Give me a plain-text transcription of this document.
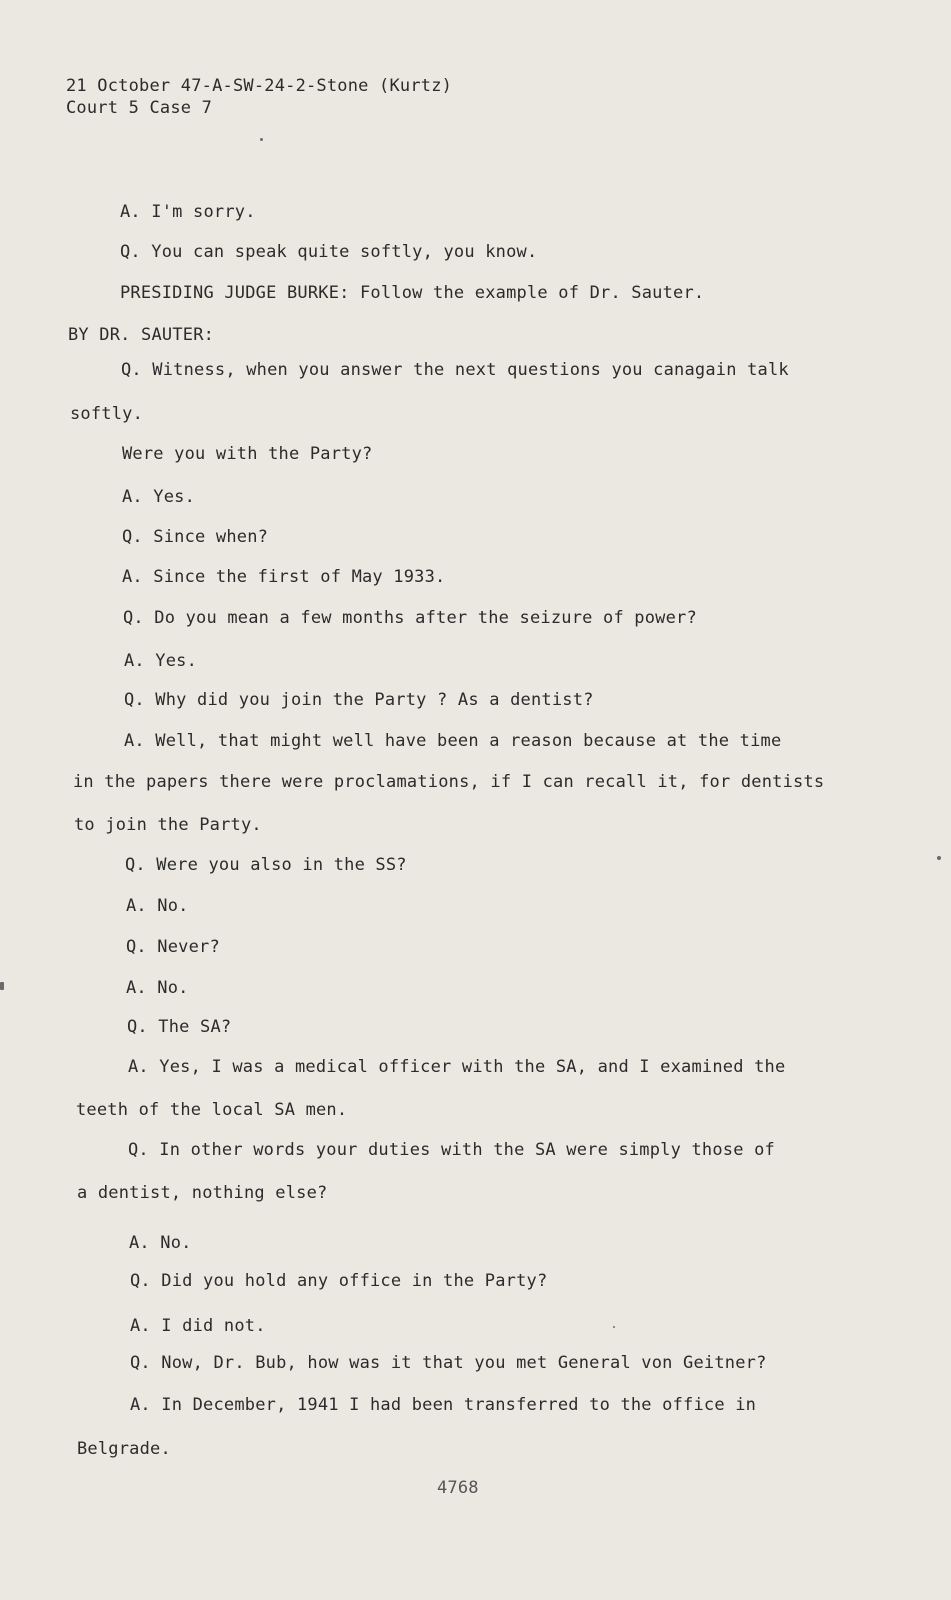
21 October 47-A-SW-24-2-Stone (Kurtz)
Court 5 Case 7
A. I'm sorry.
Q. You can speak quite softly, you know.
PRESIDING JUDGE BURKE: Follow the example of Dr. Sauter.
BY DR. SAUTER:
Q. Witness, when you answer the next questions you canagain talk
softly.
Were you with the Party?
A. Yes.
Q. Since when?
A. Since the first of May 1933.
Q. Do you mean a few months after the seizure of power?
A. Yes.
Q. Why did you join the Party ? As a dentist?
A. Well, that might well have been a reason because at the time
in the papers there were proclamations, if I can recall it, for dentists
to join the Party.
Q. Were you also in the SS?
A. No.
Q. Never?
A. No.
Q. The SA?
A. Yes, I was a medical officer with the SA, and I examined the
teeth of the local SA men.
Q. In other words your duties with the SA were simply those of
a dentist, nothing else?
A. No.
Q. Did you hold any office in the Party?
A. I did not.
Q. Now, Dr. Bub, how was it that you met General von Geitner?
A. In December, 1941 I had been transferred to the office in
Belgrade.
4768
